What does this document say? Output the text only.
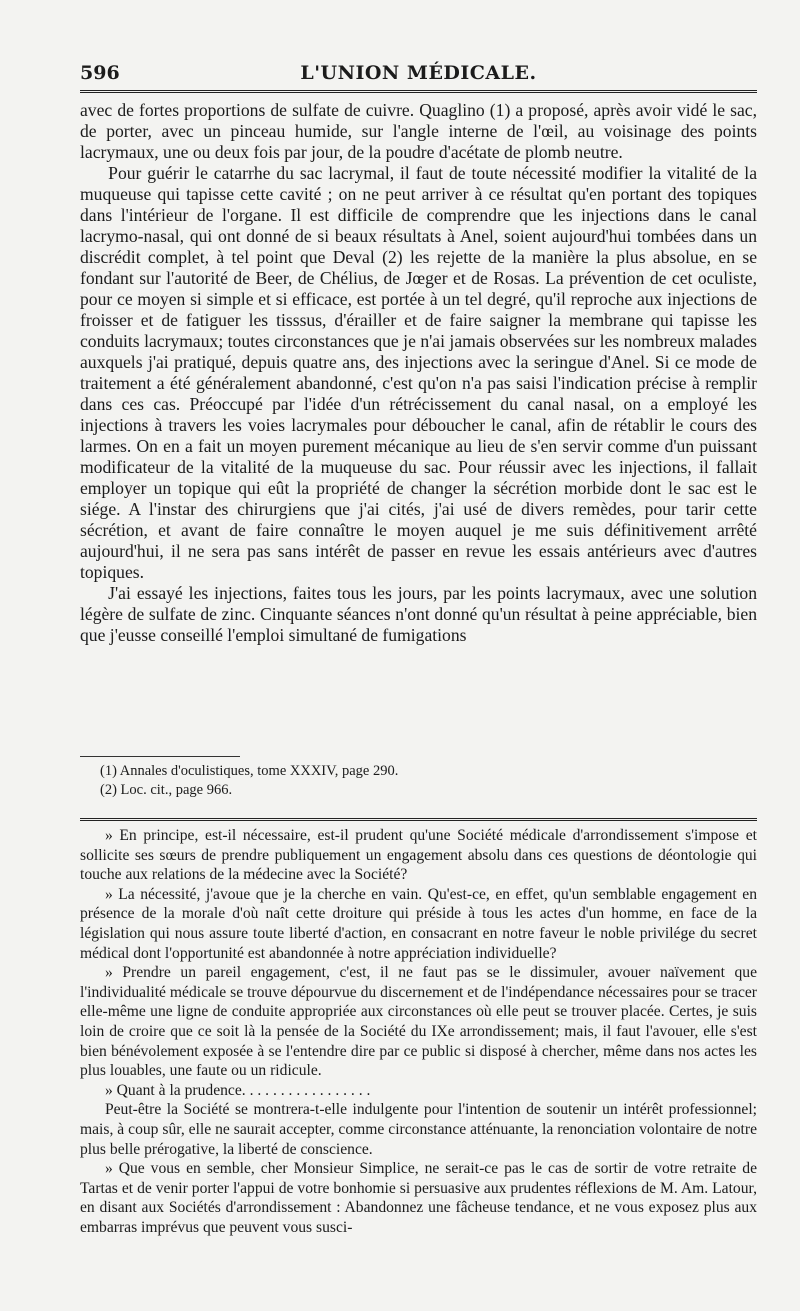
596	L'UNION MÉDICALE.

avec de fortes proportions de sulfate de cuivre. Quaglino (1) a proposé, après avoir vidé le sac, de porter, avec un pinceau humide, sur l'angle interne de l'œil, au voisinage des points lacrymaux, une ou deux fois par jour, de la poudre d'acétate de plomb neutre.

Pour guérir le catarrhe du sac lacrymal, il faut de toute nécessité modifier la vitalité de la muqueuse qui tapisse cette cavité ; on ne peut arriver à ce résultat qu'en portant des topiques dans l'intérieur de l'organe. Il est difficile de comprendre que les injections dans le canal lacrymo-nasal, qui ont donné de si beaux résultats à Anel, soient aujourd'hui tombées dans un discrédit complet, à tel point que Deval (2) les rejette de la manière la plus absolue, en se fondant sur l'autorité de Beer, de Chélius, de Jœger et de Rosas. La prévention de cet oculiste, pour ce moyen si simple et si efficace, est portée à un tel degré, qu'il reproche aux injections de froisser et de fatiguer les tisssus, d'érailler et de faire saigner la membrane qui tapisse les conduits lacrymaux; toutes circonstances que je n'ai jamais observées sur les nombreux malades auxquels j'ai pratiqué, depuis quatre ans, des injections avec la seringue d'Anel. Si ce mode de traitement a été généralement abandonné, c'est qu'on n'a pas saisi l'indication précise à remplir dans ces cas. Préoccupé par l'idée d'un rétrécissement du canal nasal, on a employé les injections à travers les voies lacrymales pour déboucher le canal, afin de rétablir le cours des larmes. On en a fait un moyen purement mécanique au lieu de s'en servir comme d'un puissant modificateur de la vitalité de la muqueuse du sac. Pour réussir avec les injections, il fallait employer un topique qui eût la propriété de changer la sécrétion morbide dont le sac est le siége. A l'instar des chirurgiens que j'ai cités, j'ai usé de divers remèdes, pour tarir cette sécrétion, et avant de faire connaître le moyen auquel je me suis définitivement arrêté aujourd'hui, il ne sera pas sans intérêt de passer en revue les essais antérieurs avec d'autres topiques.

J'ai essayé les injections, faites tous les jours, par les points lacrymaux, avec une solution légère de sulfate de zinc. Cinquante séances n'ont donné qu'un résultat à peine appréciable, bien que j'eusse conseillé l'emploi simultané de fumigations

(1) Annales d'oculistiques, tome XXXIV, page 290.
(2) Loc. cit., page 966.

» En principe, est-il nécessaire, est-il prudent qu'une Société médicale d'arrondissement s'impose et sollicite ses sœurs de prendre publiquement un engagement absolu dans ces questions de déontologie qui touche aux relations de la médecine avec la Société?

» La nécessité, j'avoue que je la cherche en vain. Qu'est-ce, en effet, qu'un semblable engagement en présence de la morale d'où naît cette droiture qui préside à tous les actes d'un homme, en face de la législation qui nous assure toute liberté d'action, en consacrant en notre faveur le noble privilége du secret médical dont l'opportunité est abandonnée à notre appréciation individuelle?

» Prendre un pareil engagement, c'est, il ne faut pas se le dissimuler, avouer naïvement que l'individualité médicale se trouve dépourvue du discernement et de l'indépendance nécessaires pour se tracer elle-même une ligne de conduite appropriée aux circonstances où elle peut se trouver placée. Certes, je suis loin de croire que ce soit là la pensée de la Société du IXe arrondissement; mais, il faut l'avouer, elle s'est bien bénévolement exposée à se l'entendre dire par ce public si disposé à chercher, même dans nos actes les plus louables, une faute ou un ridicule.

» Quant à la prudence. . . . . . . . . . . . . . . . .

Peut-être la Société se montrera-t-elle indulgente pour l'intention de soutenir un intérêt professionnel; mais, à coup sûr, elle ne saurait accepter, comme circonstance atténuante, la renonciation volontaire de notre plus belle prérogative, la liberté de conscience.

» Que vous en semble, cher Monsieur Simplice, ne serait-ce pas le cas de sortir de votre retraite de Tartas et de venir porter l'appui de votre bonhomie si persuasive aux prudentes réflexions de M. Am. Latour, en disant aux Sociétés d'arrondissement : Abandonnez une fâcheuse tendance, et ne vous exposez plus aux embarras imprévus que peuvent vous susci-
